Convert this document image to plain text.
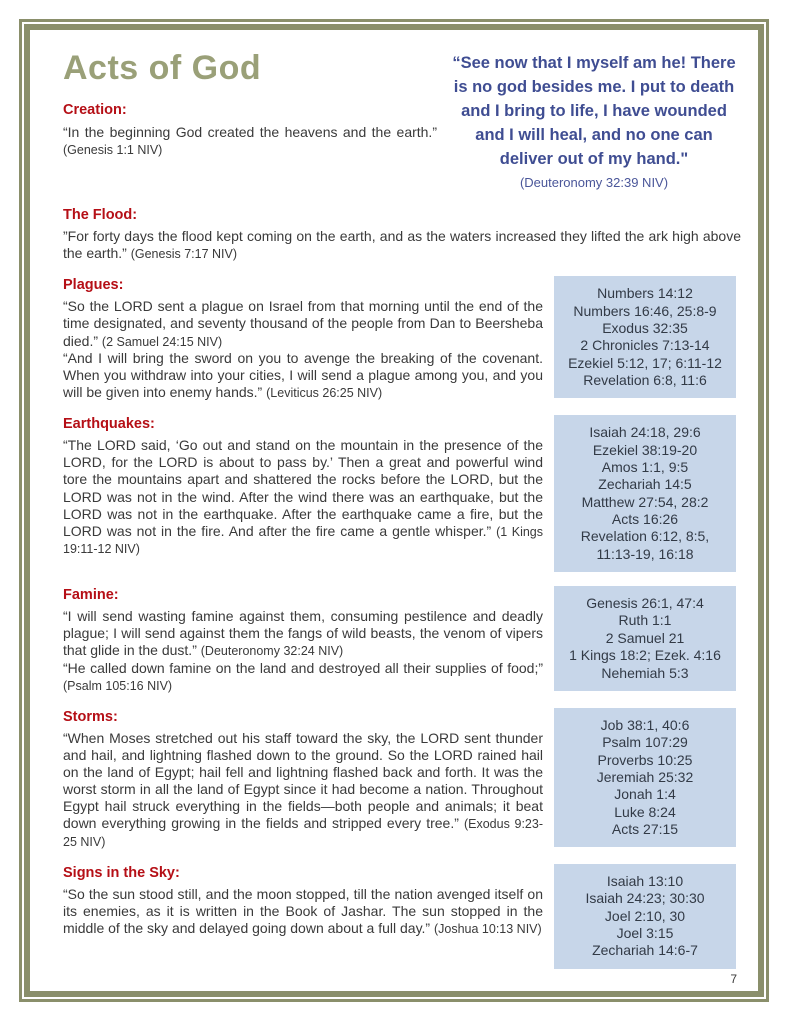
Acts of God

Creation:

“In the beginning God created the heavens and the earth.” (Genesis 1:1 NIV)

“See now that I myself am he! There is no god besides me. I put to death and I bring to life, I have wounded and I will heal, and no one can deliver out of my hand."
(Deuteronomy 32:39 NIV)

The Flood:

”For forty days the flood kept coming on the earth, and as the waters increased they lifted the ark high above the earth.” (Genesis 7:17 NIV)

Plagues:

“So the LORD sent a plague on Israel from that morning until the end of the time designated, and seventy thousand of the people from Dan to Beersheba died.” (2 Samuel 24:15 NIV)

“And I will bring the sword on you to avenge the breaking of the covenant. When you withdraw into your cities, I will send a plague among you, and you will be given into enemy hands.” (Leviticus 26:25 NIV)

Numbers 14:12
Numbers 16:46, 25:8-9
Exodus 32:35
2 Chronicles 7:13-14
Ezekiel 5:12, 17; 6:11-12
Revelation 6:8, 11:6

Earthquakes:

“The LORD said, ‘Go out and stand on the mountain in the presence of the LORD, for the LORD is about to pass by.’ Then a great and powerful wind tore the mountains apart and shattered the rocks before the LORD, but the LORD was not in the wind. After the wind there was an earthquake, but the LORD was not in the earthquake. After the earthquake came a fire, but the LORD was not in the fire. And after the fire came a gentle whisper.” (1 Kings 19:11-12 NIV)

Isaiah 24:18, 29:6
Ezekiel 38:19-20
Amos 1:1, 9:5
Zechariah 14:5
Matthew 27:54, 28:2
Acts 16:26
Revelation 6:12, 8:5,
11:13-19, 16:18

Famine:

“I will send wasting famine against them, consuming pestilence and deadly plague; I will send against them the fangs of wild beasts, the venom of vipers that glide in the dust.” (Deuteronomy 32:24 NIV)

“He called down famine on the land and destroyed all their supplies of food;” (Psalm 105:16 NIV)

Genesis 26:1, 47:4
Ruth 1:1
2 Samuel 21
1 Kings 18:2; Ezek. 4:16
Nehemiah 5:3

Storms:

“When Moses stretched out his staff toward the sky, the LORD sent thunder and hail, and lightning flashed down to the ground. So the LORD rained hail on the land of Egypt; hail fell and lightning flashed back and forth. It was the worst storm in all the land of Egypt since it had become a nation. Throughout Egypt hail struck everything in the fields—both people and animals; it beat down everything growing in the fields and stripped every tree.” (Exodus 9:23-25 NIV)

Job 38:1, 40:6
Psalm 107:29
Proverbs 10:25
Jeremiah 25:32
Jonah 1:4
Luke 8:24
Acts 27:15

Signs in the Sky:

“So the sun stood still, and the moon stopped, till the nation avenged itself on its enemies, as it is written in the Book of Jashar. The sun stopped in the middle of the sky and delayed going down about a full day.” (Joshua 10:13 NIV)

Isaiah 13:10
Isaiah 24:23; 30:30
Joel 2:10, 30
Joel 3:15
Zechariah 14:6-7
7
